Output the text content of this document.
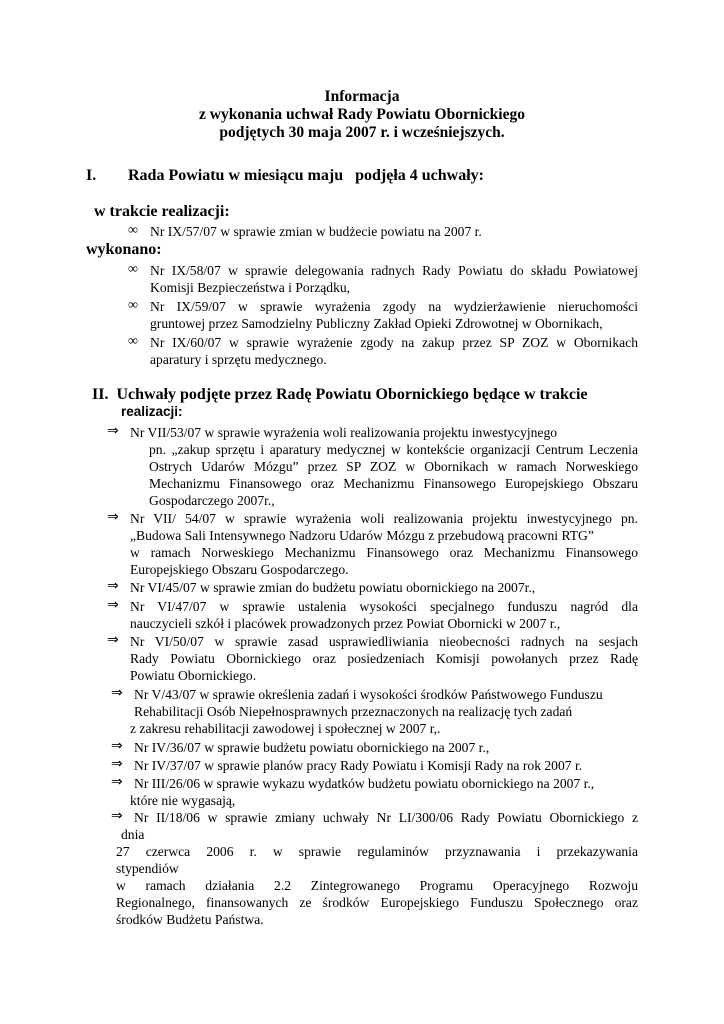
Informacja
z wykonania uchwał Rady Powiatu Obornickiego
podjętych 30 maja 2007 r. i wcześniejszych.
I. Rada Powiatu w miesiącu maju   podjęła 4 uchwały:
w trakcie realizacji:
∞ Nr IX/57/07 w sprawie zmian w budżecie powiatu na 2007 r.
wykonano:
∞ Nr IX/58/07 w sprawie delegowania radnych Rady Powiatu do składu Powiatowej
Komisji Bezpieczeństwa i Porządku,
∞ Nr IX/59/07 w sprawie wyrażenia zgody na wydzierżawienie nieruchomości
gruntowej przez Samodzielny Publiczny Zakład Opieki Zdrowotnej w Obornikach,
∞ Nr IX/60/07 w sprawie wyrażenie zgody na zakup przez SP ZOZ w Obornikach
aparatury i sprzętu medycznego.
II.  Uchwały podjęte przez Radę Powiatu Obornickiego będące w trakcie
realizacji:
⇒ Nr VII/53/07 w sprawie wyrażenia woli realizowania projektu inwestycyjnego
pn. „zakup sprzętu i aparatury medycznej w kontekście organizacji Centrum Leczenia
Ostrych Udarów Mózgu” przez SP ZOZ w Obornikach w ramach Norweskiego
Mechanizmu Finansowego oraz Mechanizmu Finansowego Europejskiego Obszaru
Gospodarczego 2007r.,
⇒ Nr VII/ 54/07 w sprawie wyrażenia woli realizowania projektu inwestycyjnego pn.
„Budowa Sali Intensywnego Nadzoru Udarów Mózgu z przebudową pracowni RTG”
w ramach Norweskiego Mechanizmu Finansowego oraz Mechanizmu Finansowego
Europejskiego Obszaru Gospodarczego.
⇒ Nr VI/45/07 w sprawie zmian do budżetu powiatu obornickiego na 2007r.,
⇒ Nr VI/47/07 w sprawie ustalenia wysokości specjalnego funduszu nagród dla
nauczycieli szkół i placówek prowadzonych przez Powiat Obornicki w 2007 r.,
⇒ Nr VI/50/07 w sprawie zasad usprawiedliwiania nieobecności radnych na sesjach
Rady Powiatu Obornickiego oraz posiedzeniach Komisji powołanych przez Radę
Powiatu Obornickiego.
⇒ Nr V/43/07 w sprawie określenia zadań i wysokości środków Państwowego Funduszu
Rehabilitacji Osób Niepełnosprawnych przeznaczonych na realizację tych zadań
z zakresu rehabilitacji zawodowej i społecznej w 2007 r,.
⇒ Nr IV/36/07 w sprawie budżetu powiatu obornickiego na 2007 r.,
⇒ Nr IV/37/07 w sprawie planów pracy Rady Powiatu i Komisji Rady na rok 2007 r.
⇒ Nr III/26/06 w sprawie wykazu wydatków budżetu powiatu obornickiego na 2007 r.,
które nie wygasają,
⇒ Nr II/18/06 w sprawie zmiany uchwały Nr LI/300/06 Rady Powiatu Obornickiego z
dnia
27 czerwca 2006 r. w sprawie regulaminów przyznawania i przekazywania
stypendiów
w ramach działania 2.2 Zintegrowanego Programu Operacyjnego Rozwoju
Regionalnego, finansowanych ze środków Europejskiego Funduszu Społecznego oraz
środków Budżetu Państwa.
